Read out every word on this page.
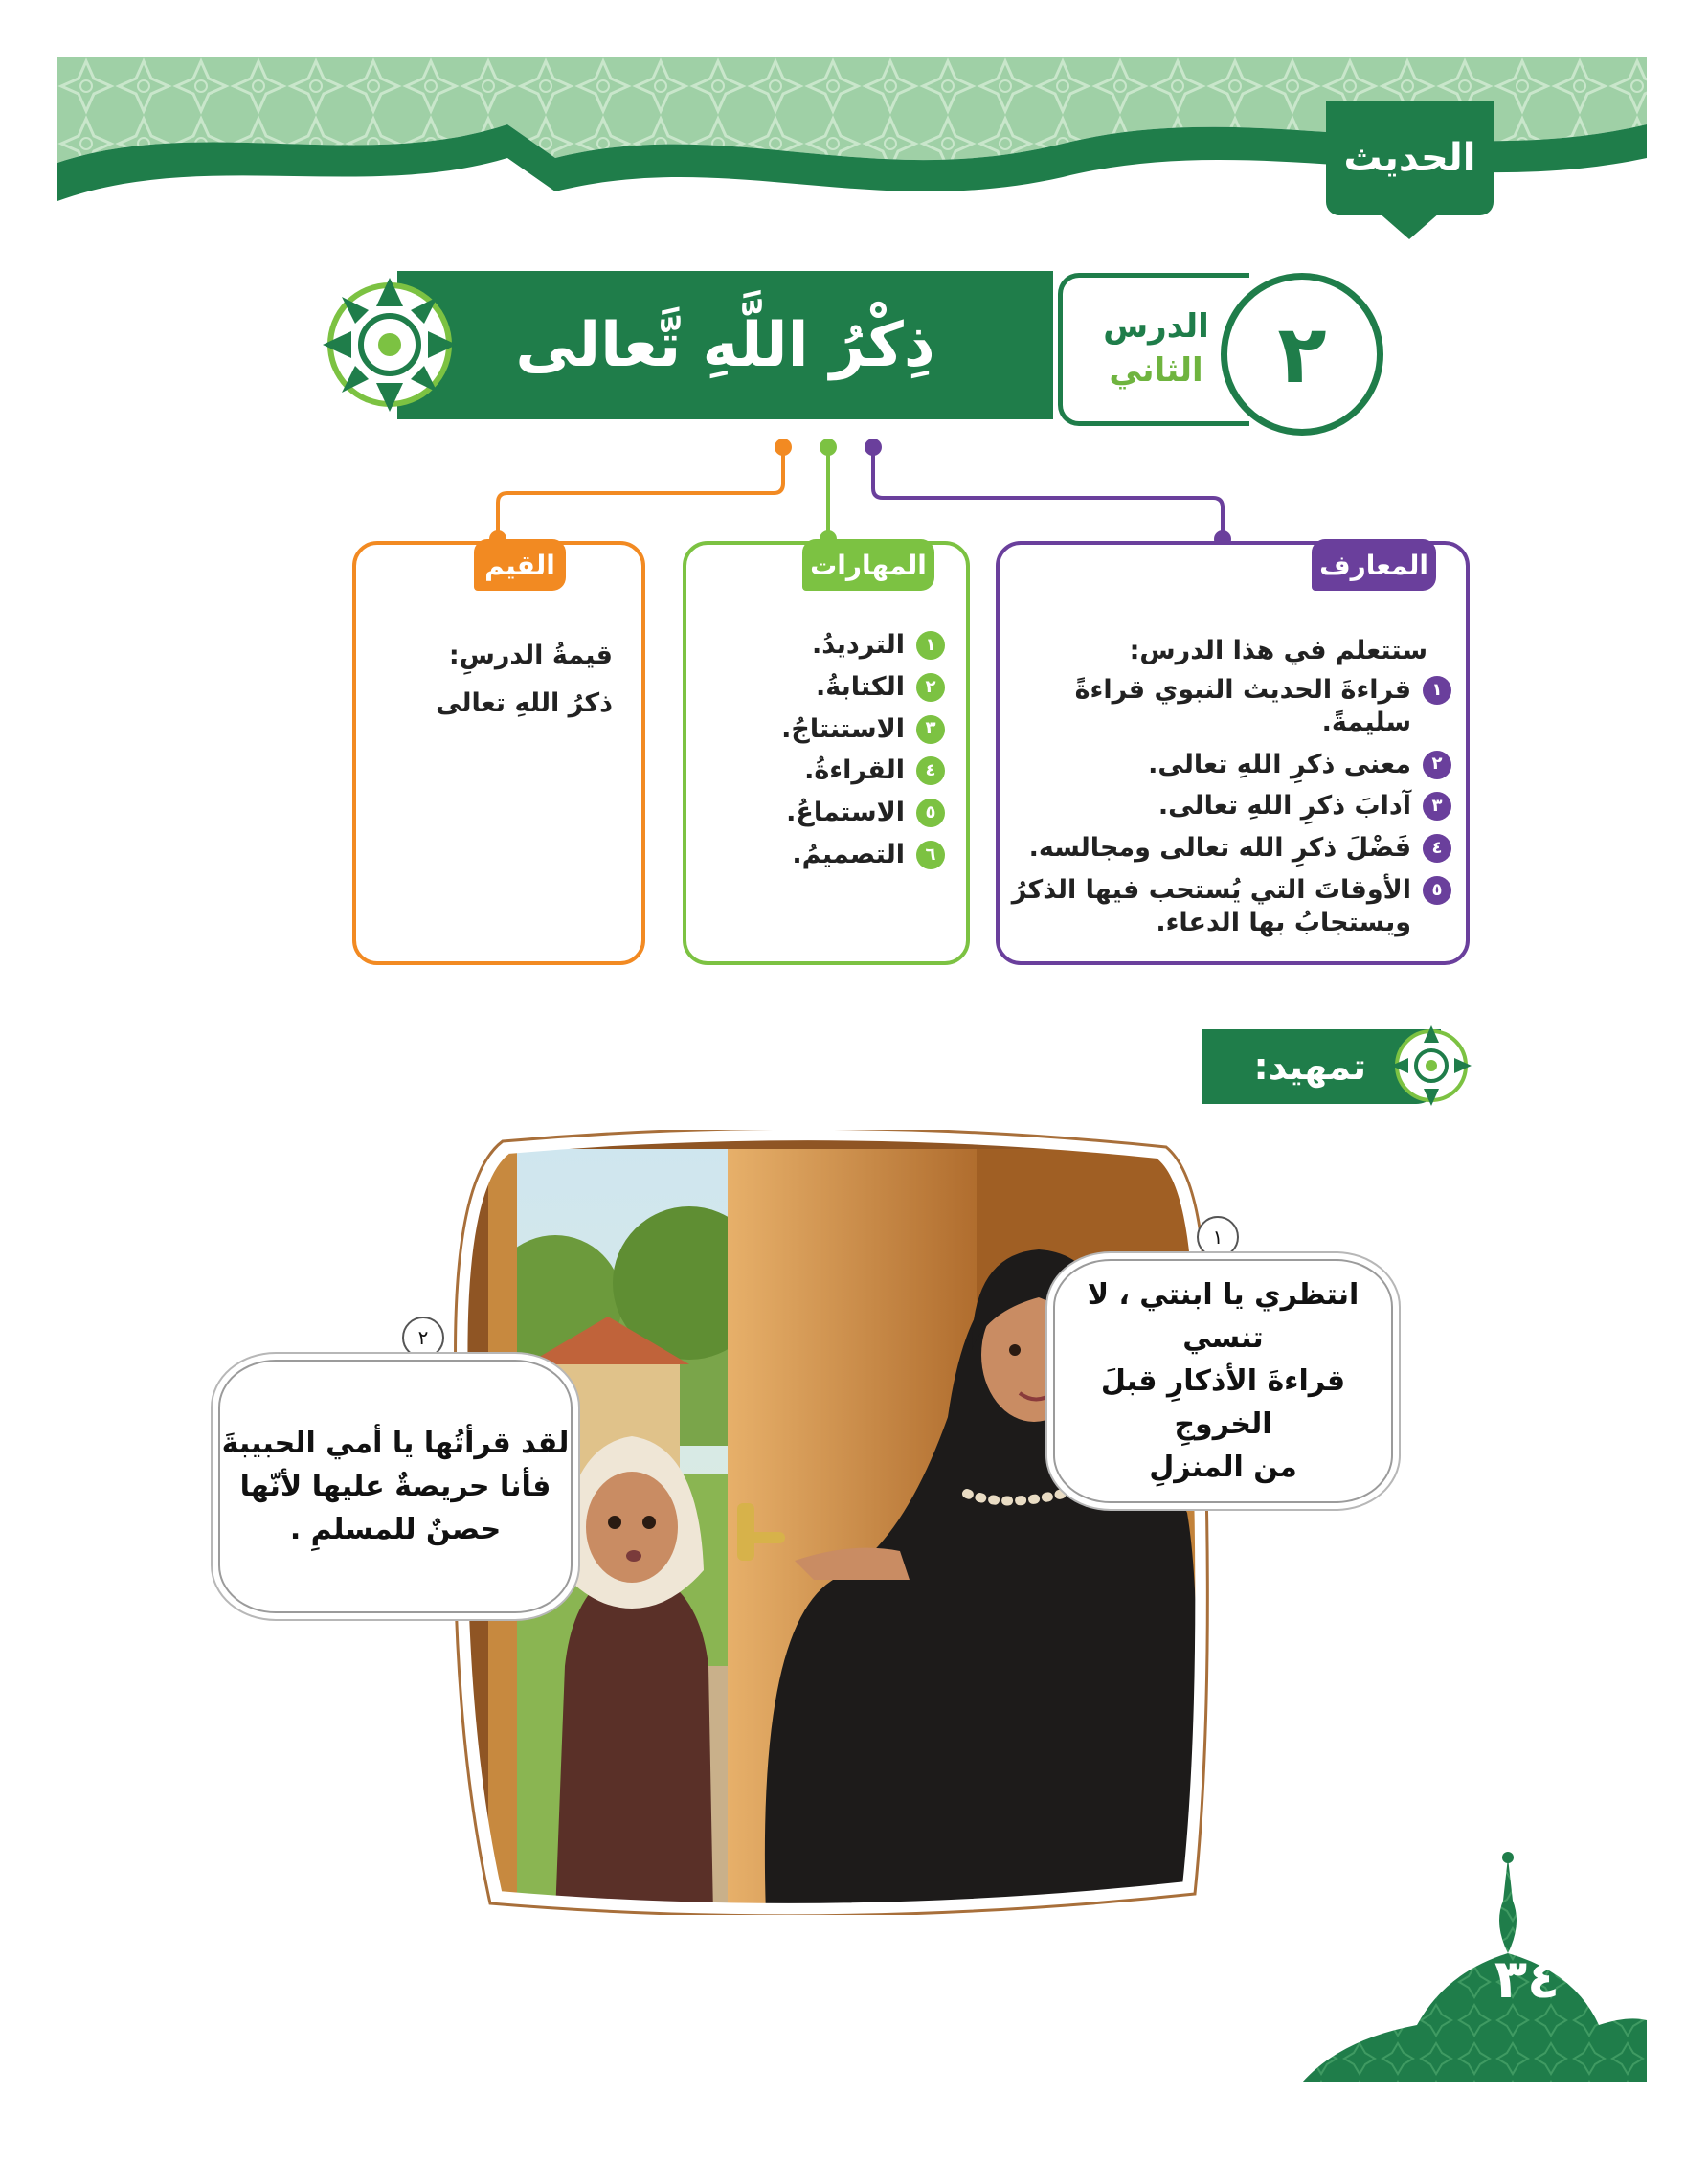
الحديث
الدرس
الثاني ٢
ذِكْرُ اللَّهِ تَّعالى
ستتعلم في هذا الدرس:
١
قراءةَ الحديث النبوي قراءةً سليمةً.
٢
معنى ذكرِ اللهِ تعالى.
٣
آدابَ ذكرِ اللهِ تعالى.
٤
فَضْلَ ذكرِ الله تعالى ومجالسه.
٥
الأوقاتَ التي يُستحب فيها الذكرُ ويستجابُ بها الدعاء.
المعارف
١
الترديدُ.
٢
الكتابةُ.
٣
الاستنتاجُ.
٤
القراءةُ.
٥
الاستماعُ.
٦
التصميمُ.
المهارات
قيمةُ الدرسِ:
ذكرُ اللهِ تعالى
القيم
تمهيد:
١
انتظري يا ابنتي ، لا تنسي
قراءةَ الأذكارِ قبلَ الخروجِ
من المنزلِ
٢
لقد قرأتُها يا أمي الحبيبةَ
فأنا حريصةٌ عليها لأنّها
حصنٌ للمسلمِ .
٣٤
